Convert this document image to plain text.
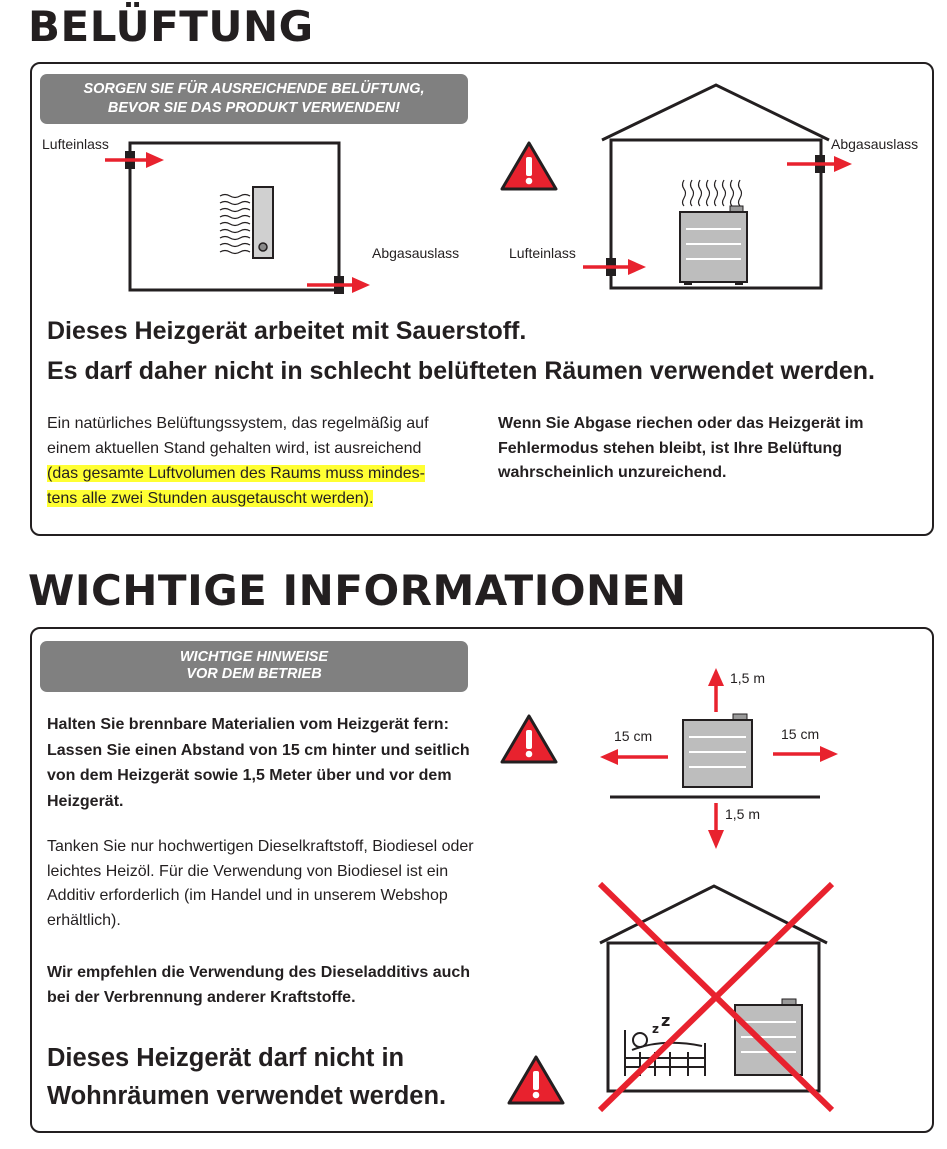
BELÜFTUNG
SORGEN SIE FÜR AUSREICHENDE BELÜFTUNG,
BEVOR SIE DAS PRODUKT VERWENDEN!
Lufteinlass
Abgasauslass
Abgasauslass
Lufteinlass
Dieses Heizgerät arbeitet mit Sauerstoff.
Es darf daher nicht in schlecht belüfteten Räumen verwendet werden.
Ein natürliches Belüftungssystem, das regelmäßig auf einem aktuellen Stand gehalten wird, ist ausreichend
(das gesamte Luftvolumen des Raums muss mindes-
tens alle zwei Stunden ausgetauscht werden).
Wenn Sie Abgase riechen oder das Heizgerät im Fehlermodus stehen bleibt, ist Ihre Belüftung wahrscheinlich unzureichend.
WICHTIGE INFORMATIONEN
WICHTIGE HINWEISE
VOR DEM BETRIEB
Halten Sie brennbare Materialien vom Heizgerät fern: Lassen Sie einen Abstand von 15 cm hinter und seitlich von dem Heizgerät sowie 1,5 Meter über und vor dem Heizgerät.
Tanken Sie nur hochwertigen Dieselkraftstoff, Biodiesel oder leichtes Heizöl. Für die Verwendung von Biodiesel ist ein Additiv erforderlich (im Handel und in unserem Webshop erhältlich).
Wir empfehlen die Verwendung des Dieseladditivs auch bei der Verbrennung anderer Kraftstoffe.
Dieses Heizgerät darf nicht in
Wohnräumen verwendet werden.
1,5 m
1,5 m
15 cm	15 cm
z z
